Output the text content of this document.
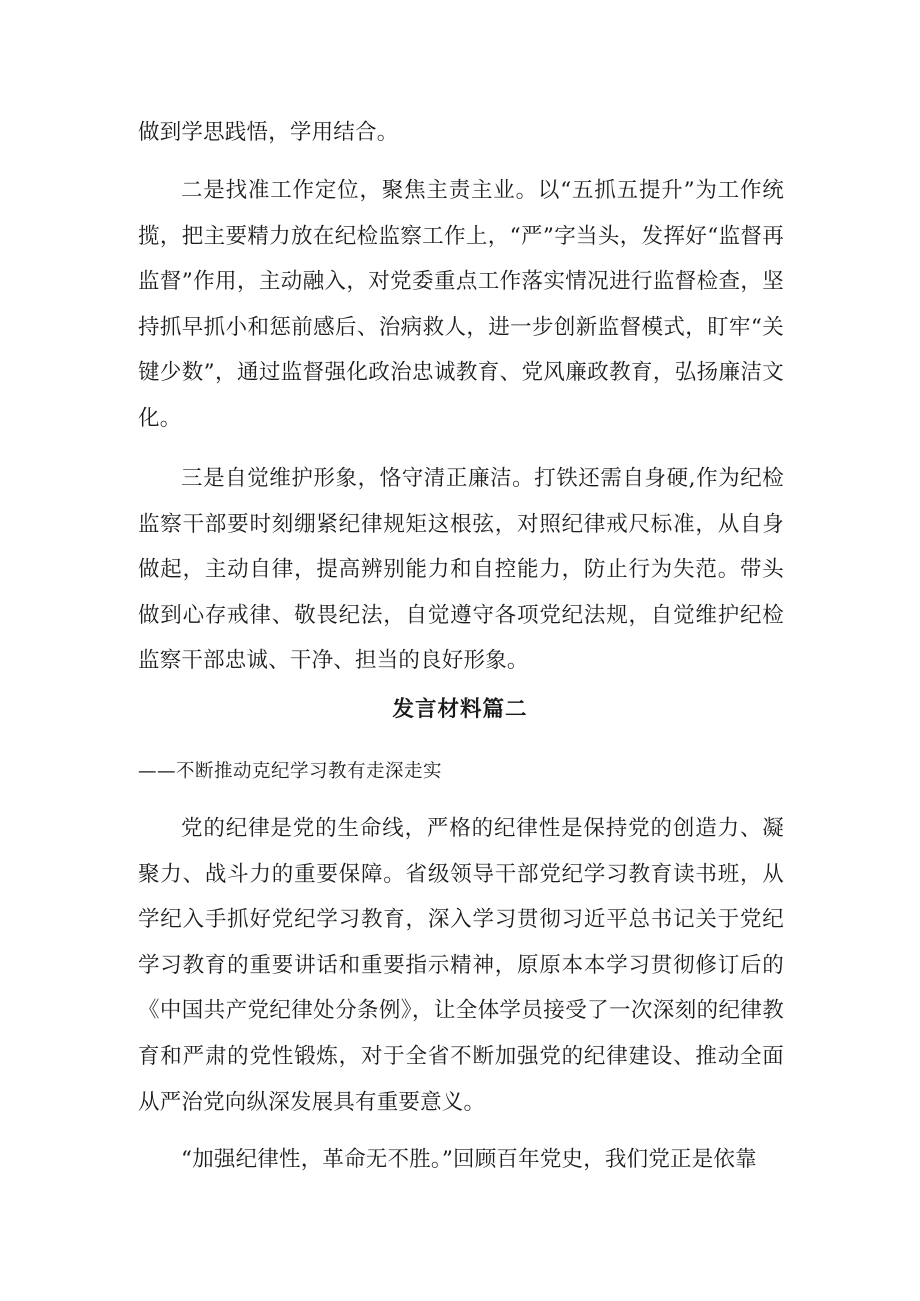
做到学思践悟，学用结合。

二是找准工作定位，聚焦主责主业。以“五抓五提升”为工作统揽，把主要精力放在纪检监察工作上，“严”字当头，发挥好“监督再监督”作用，主动融入，对党委重点工作落实情况进行监督检查，坚持抓早抓小和惩前感后、治病救人，进一步创新监督模式，盯牢“关键少数”，通过监督强化政治忠诚教育、党风廉政教育，弘扬廉洁文化。

三是自觉维护形象，恪守清正廉洁。打铁还需自身硬,作为纪检监察干部要时刻绷紧纪律规矩这根弦，对照纪律戒尺标准，从自身做起，主动自律，提高辨别能力和自控能力，防止行为失范。带头做到心存戒律、敬畏纪法，自觉遵守各项党纪法规，自觉维护纪检监察干部忠诚、干净、担当的良好形象。

发言材料篇二

——不断推动克纪学习教有走深走实

党的纪律是党的生命线，严格的纪律性是保持党的创造力、凝聚力、战斗力的重要保障。省级领导干部党纪学习教育读书班，从学纪入手抓好党纪学习教育，深入学习贯彻习近平总书记关于党纪学习教育的重要讲话和重要指示精神，原原本本学习贯彻修订后的《中国共产党纪律处分条例》，让全体学员接受了一次深刻的纪律教育和严肃的党性锻炼，对于全省不断加强党的纪律建设、推动全面从严治党向纵深发展具有重要意义。

“加强纪律性，革命无不胜。”回顾百年党史，我们党正是依靠
